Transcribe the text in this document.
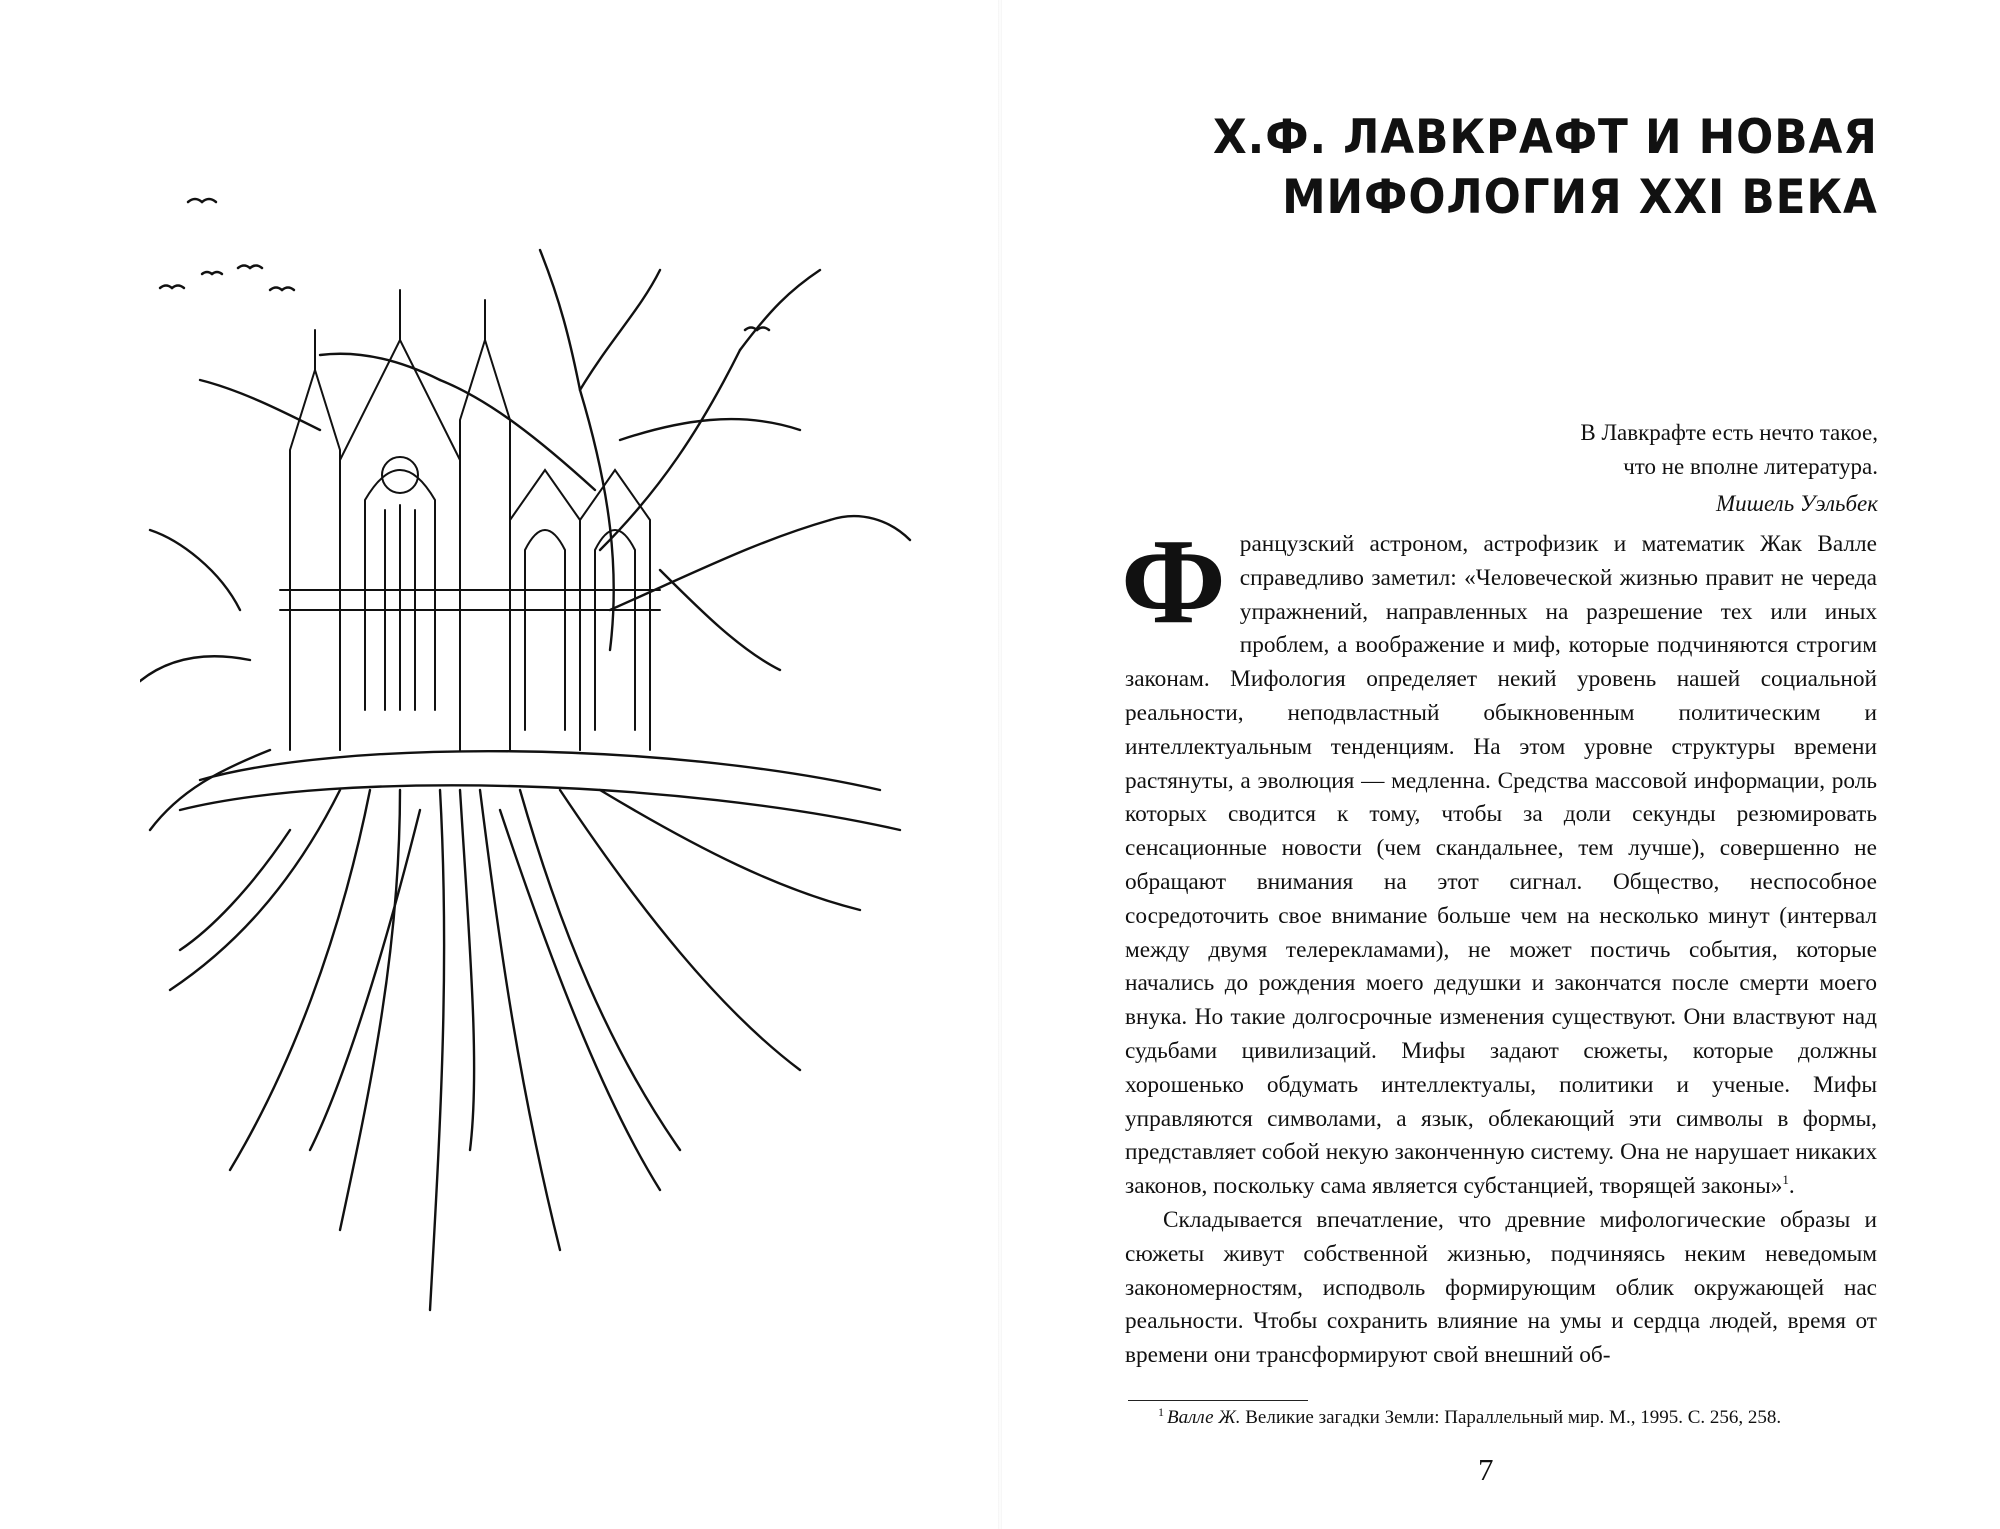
Х.Ф. ЛАВКРАФТ И НОВАЯ
МИФОЛОГИЯ XXI ВЕКА

В Лавкрафте есть нечто такое,

что не вполне литература.

Мишель Уэльбек

Французский астроном, астрофизик и математик Жак Валле справедливо заметил: «Человеческой жизнью правит не череда упражнений, направленных на разрешение тех или иных проблем, а воображение и миф, которые подчиняются строгим законам. Мифология определяет некий уровень нашей социальной реальности, неподвластный обыкновенным политическим и интеллектуальным тенденциям. На этом уровне структуры времени растянуты, а эволюция — медленна. Средства массовой информации, роль которых сводится к тому, чтобы за доли секунды резюмировать сенсационные новости (чем скандальнее, тем лучше), совершенно не обращают внимания на этот сигнал. Общество, неспособное сосредоточить свое внимание больше чем на несколько минут (интервал между двумя телерекламами), не может постичь события, которые начались до рождения моего дедушки и закончатся после смерти моего внука. Но такие долгосрочные изменения существуют. Они властвуют над судьбами цивилизаций. Мифы задают сюжеты, которые должны хорошенько обдумать интеллектуалы, политики и ученые. Мифы управляются символами, а язык, облекающий эти символы в формы, представляет собой некую законченную систему. Она не нарушает никаких законов, поскольку сама является субстанцией, творящей законы»$^1$.

Складывается впечатление, что древние мифологические образы и сюжеты живут собственной жизнью, подчиняясь неким неведомым закономерностям, исподволь формирующим облик окружающей нас реальности. Чтобы сохранить влияние на умы и сердца людей, время от времени они трансформируют свой внешний об-

$^1$ Валле Ж. Великие загадки Земли: Параллельный мир. М., 1995. С. 256, 258.
7
